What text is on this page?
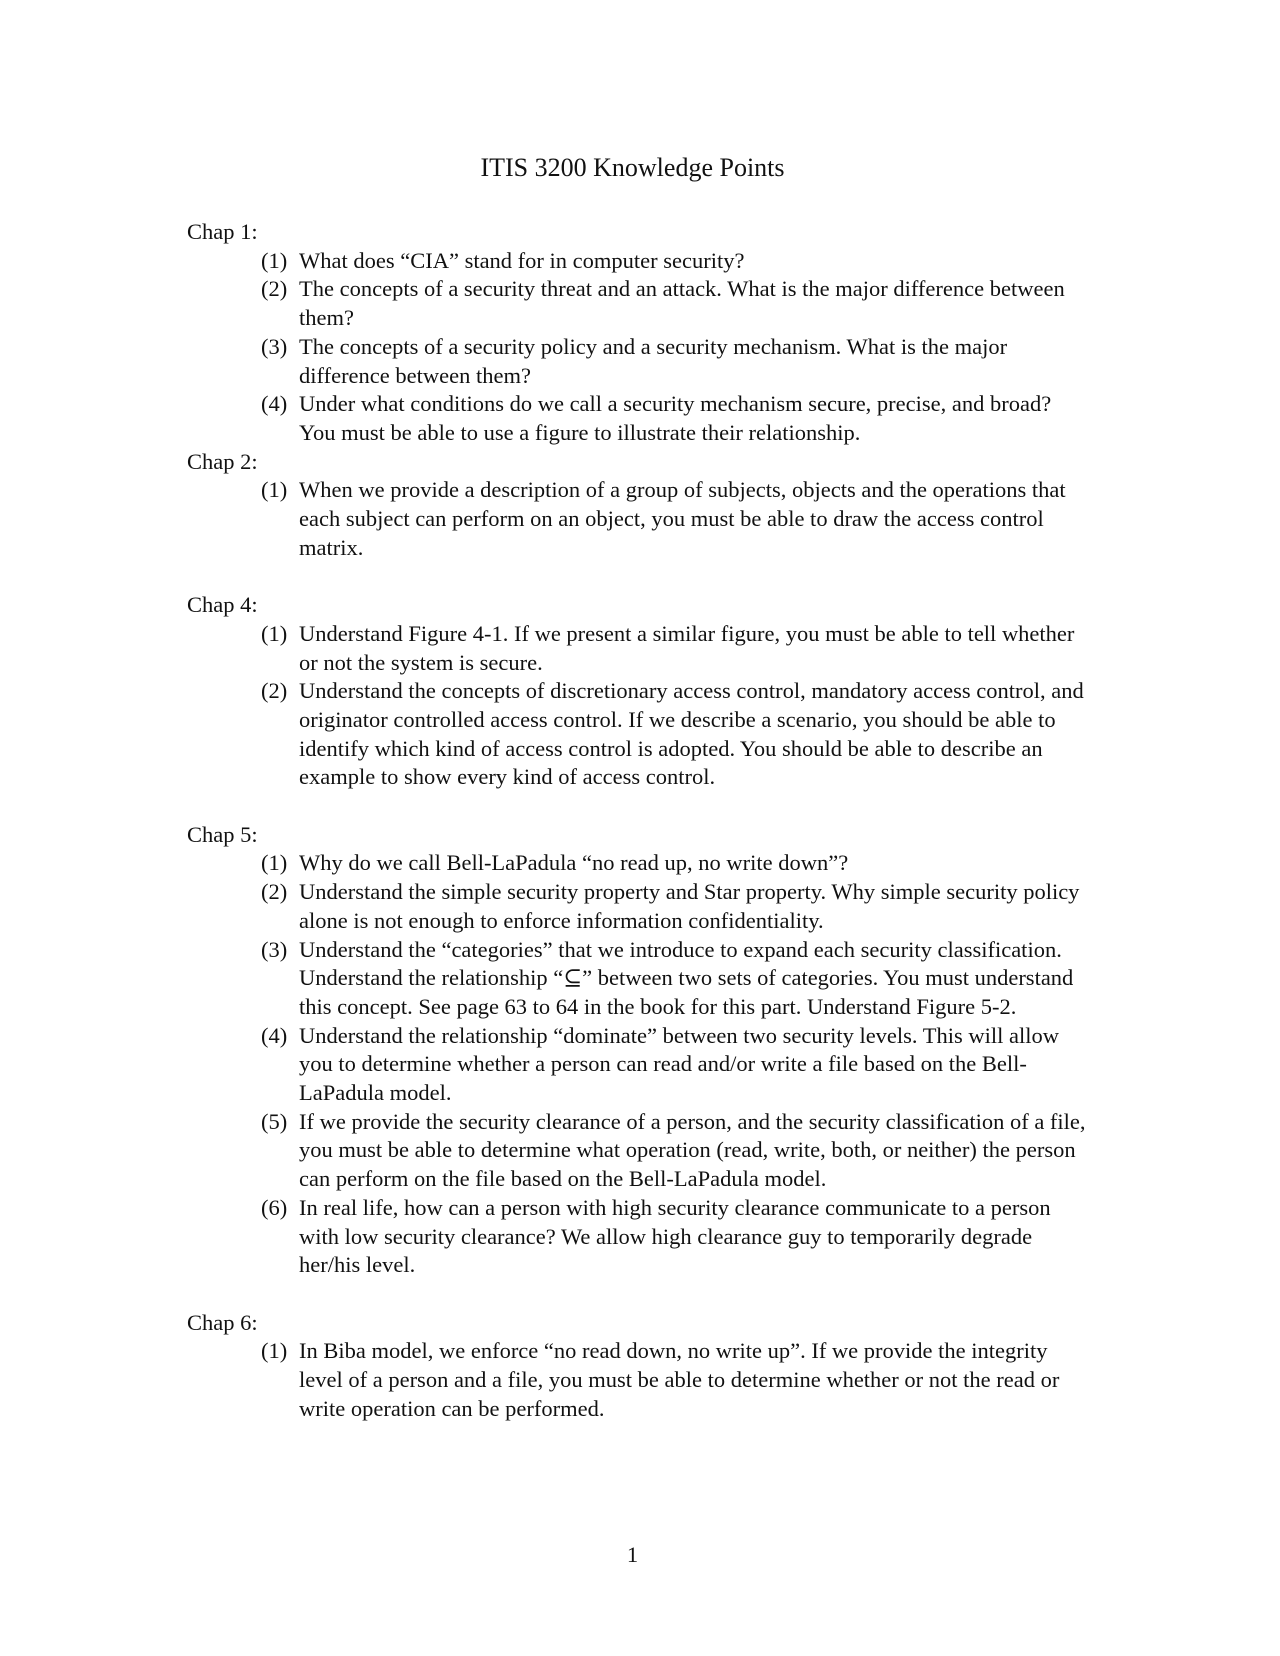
ITIS 3200 Knowledge Points

Chap 1:

(1) What does “CIA” stand for in computer security?
(2) The concepts of a security threat and an attack. What is the major difference between them?
(3) The concepts of a security policy and a security mechanism. What is the major difference between them?
(4) Under what conditions do we call a security mechanism secure, precise, and broad? You must be able to use a figure to illustrate their relationship.

Chap 2:

(1) When we provide a description of a group of subjects, objects and the operations that each subject can perform on an object, you must be able to draw the access control matrix.

Chap 4:

(1) Understand Figure 4-1. If we present a similar figure, you must be able to tell whether or not the system is secure.
(2) Understand the concepts of discretionary access control, mandatory access control, and originator controlled access control. If we describe a scenario, you should be able to identify which kind of access control is adopted. You should be able to describe an example to show every kind of access control.

Chap 5:

(1) Why do we call Bell-LaPadula “no read up, no write down”?
(2) Understand the simple security property and Star property. Why simple security policy alone is not enough to enforce information confidentiality.
(3) Understand the “categories” that we introduce to expand each security classification. Understand the relationship “⊆” between two sets of categories. You must understand this concept. See page 63 to 64 in the book for this part. Understand Figure 5-2.
(4) Understand the relationship “dominate” between two security levels. This will allow you to determine whether a person can read and/or write a file based on the Bell-LaPadula model.
(5) If we provide the security clearance of a person, and the security classification of a file, you must be able to determine what operation (read, write, both, or neither) the person can perform on the file based on the Bell-LaPadula model.
(6) In real life, how can a person with high security clearance communicate to a person with low security clearance? We allow high clearance guy to temporarily degrade her/his level.

Chap 6:

(1) In Biba model, we enforce “no read down, no write up”. If we provide the integrity level of a person and a file, you must be able to determine whether or not the read or write operation can be performed.
1
